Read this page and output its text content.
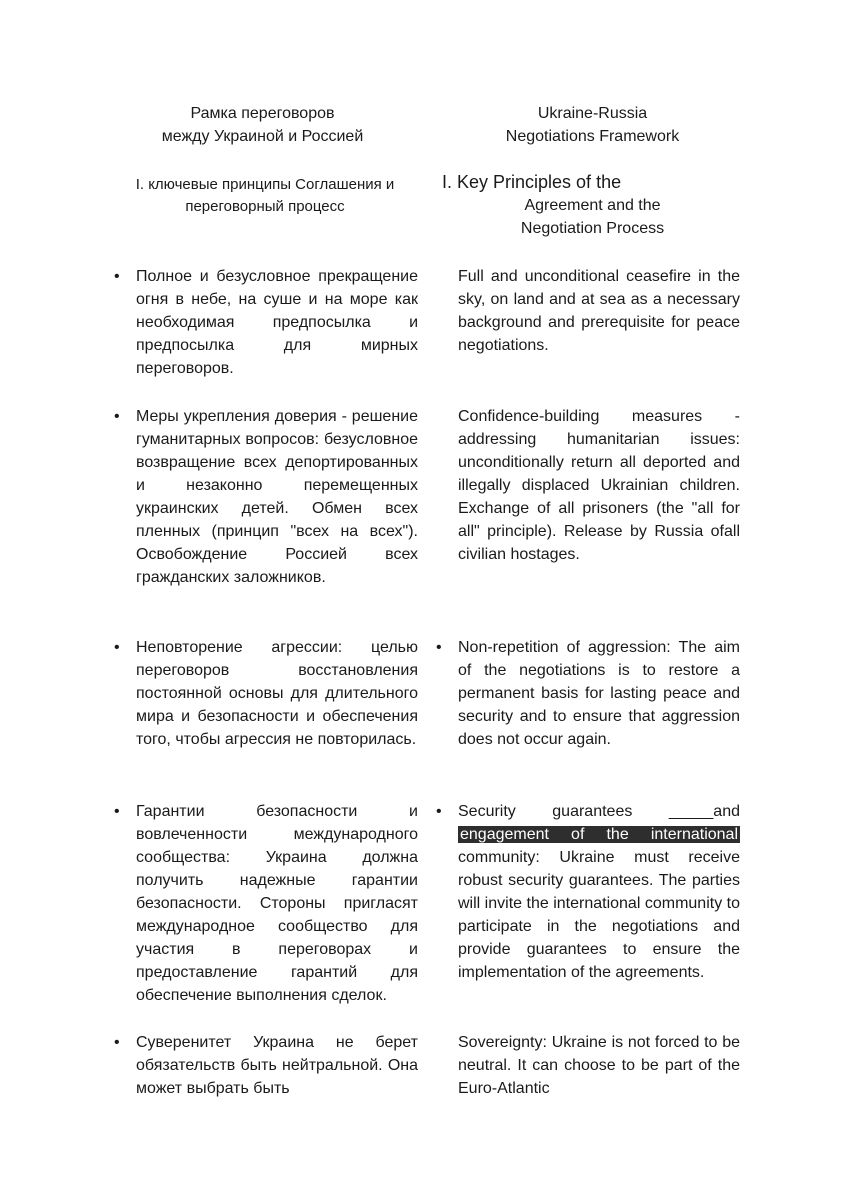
Рамка переговоров
между Украиной и Россией
Ukraine-Russia
Negotiations Framework
I. ключевые принципы Соглашения и
переговорный процесс
I. Key Principles of the
Agreement and the
Negotiation Process
• Полное и безусловное прекращение огня в небе, на суше и на море как необходимая предпосылка и предпосылка для мирных переговоров.

• Меры укрепления доверия - решение гуманитарных вопросов: безусловное возвращение всех депортированных и незаконно перемещенных украинских детей. Обмен всех пленных (принцип "всех на всех"). Освобождение Россией всех гражданских заложников.

• Неповторение агрессии: целью переговоров восстановления постоянной основы для длительного мира и безопасности и обеспечения того, чтобы агрессия не повторилась.

• Гарантии безопасности и вовлеченности международного сообщества: Украина должна получить надежные гарантии безопасности. Стороны пригласят международное сообщество для участия в переговорах и предоставление гарантий для обеспечение выполнения сделок.

• Суверенитет Украина не берет обязательств быть нейтральной. Она может выбрать быть

Full and unconditional ceasefire in the sky, on land and at sea as a necessary background and prerequisite for peace negotiations.

Confidence-building measures - addressing humanitarian issues: unconditionally return all deported and illegally displaced Ukrainian children. Exchange of all prisoners (the "all for all" principle). Release by Russia ofall civilian hostages.

• Non-repetition of aggression: The aim of the negotiations is to restore a permanent basis for lasting peace and security and to ensure that aggression does not occur again.

• Security guarantees _____and engagement of the international community: Ukraine must receive robust security guarantees. The parties will invite the international community to participate in the negotiations and provide guarantees to ensure the implementation of the agreements.

Sovereignty: Ukraine is not forced to be neutral. It can choose to be part of the Euro-Atlantic
